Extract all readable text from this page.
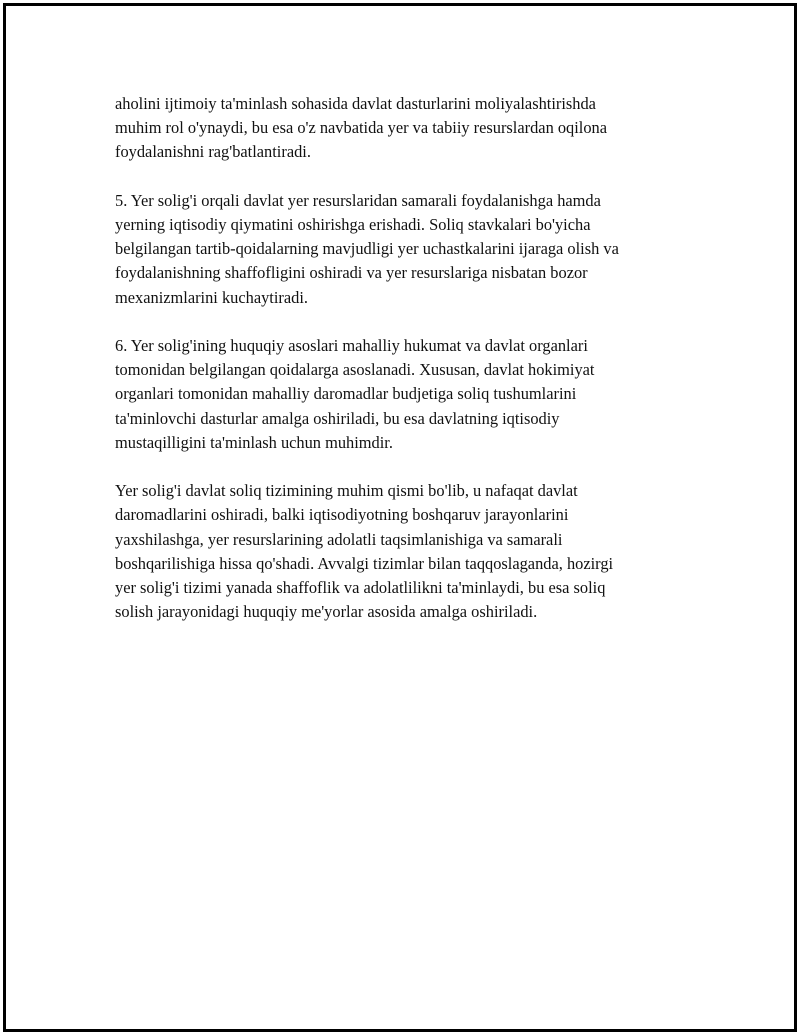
aholini ijtimoiy ta'minlash sohasida davlat dasturlarini moliyalashtirishda
muhim rol o'ynaydi, bu esa o'z navbatida yer va tabiiy resurslardan oqilona
foydalanishni rag'batlantiradi.

5. Yer solig'i orqali davlat yer resurslaridan samarali foydalanishga hamda
yerning iqtisodiy qiymatini oshirishga erishadi. Soliq stavkalari bo'yicha
belgilangan tartib-qoidalarning mavjudligi yer uchastkalarini ijaraga olish va
foydalanishning shaffofligini oshiradi va yer resurslariga nisbatan bozor
mexanizmlarini kuchaytiradi.

6. Yer solig'ining huquqiy asoslari mahalliy hukumat va davlat organlari
tomonidan belgilangan qoidalarga asoslanadi. Xususan, davlat hokimiyat
organlari tomonidan mahalliy daromadlar budjetiga soliq tushumlarini
ta'minlovchi dasturlar amalga oshiriladi, bu esa davlatning iqtisodiy
mustaqilligini ta'minlash uchun muhimdir.

Yer solig'i davlat soliq tizimining muhim qismi bo'lib, u nafaqat davlat
daromadlarini oshiradi, balki iqtisodiyotning boshqaruv jarayonlarini
yaxshilashga, yer resurslarining adolatli taqsimlanishiga va samarali
boshqarilishiga hissa qo'shadi. Avvalgi tizimlar bilan taqqoslaganda, hozirgi
yer solig'i tizimi yanada shaffoflik va adolatlilikni ta'minlaydi, bu esa soliq
solish jarayonidagi huquqiy me'yorlar asosida amalga oshiriladi.
